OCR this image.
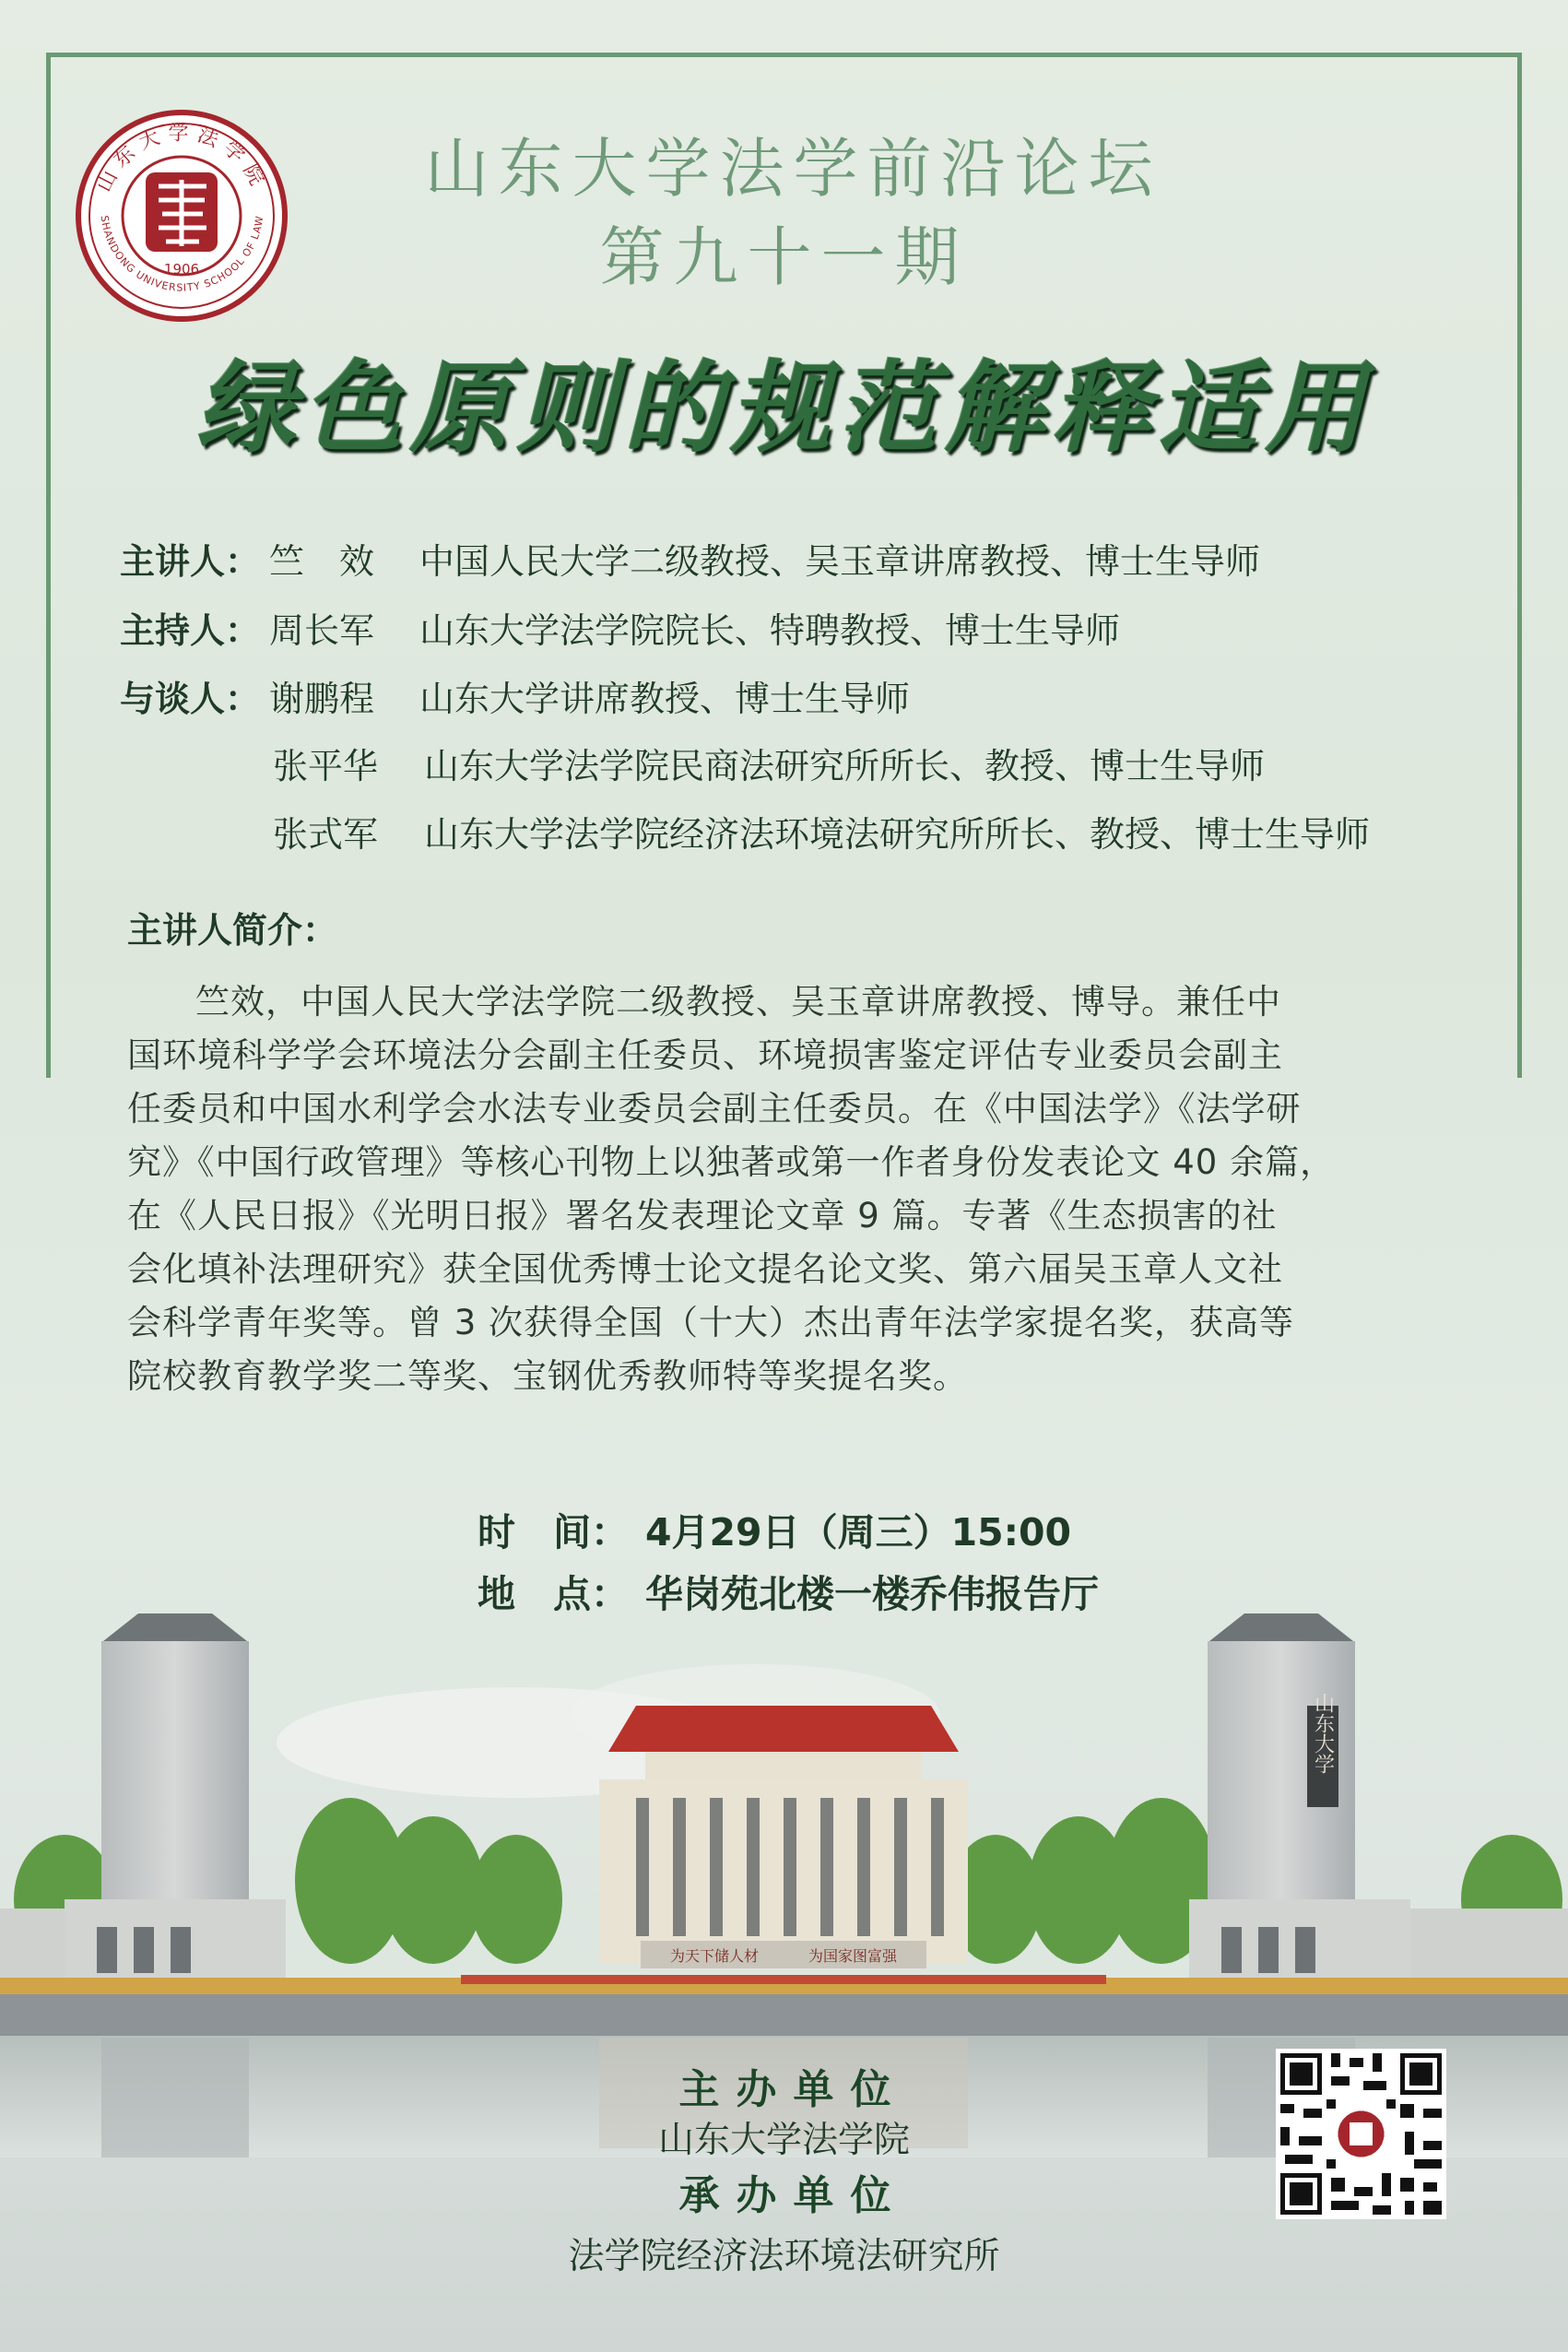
山东大学法学院
SHANDONG UNIVERSITY SCHOOL OF LAW
1906
山东大学法学前沿论坛
第九十一期
绿色原则的规范解释适用
主讲人： 竺　效 中国人民大学二级教授、吴玉章讲席教授、博士生导师
主持人： 周长军 山东大学法学院院长、特聘教授、博士生导师
与谈人： 谢鹏程 山东大学讲席教授、博士生导师
张平华 山东大学法学院民商法研究所所长、教授、博士生导师
张式军 山东大学法学院经济法环境法研究所所长、教授、博士生导师
主讲人简介：
竺效，中国人民大学法学院二级教授、吴玉章讲席教授、博导。兼任中
国环境科学学会环境法分会副主任委员、环境损害鉴定评估专业委员会副主
任委员和中国水利学会水法专业委员会副主任委员。在《中国法学》《法学研
究》《中国行政管理》等核心刊物上以独著或第一作者身份发表论文 40 余篇，
在《人民日报》《光明日报》署名发表理论文章 9 篇。专著《生态损害的社
会化填补法理研究》获全国优秀博士论文提名论文奖、第六届吴玉章人文社
会科学青年奖等。曾 3 次获得全国（十大）杰出青年法学家提名奖，获高等
院校教育教学奖二等奖、宝钢优秀教师特等奖提名奖。
山东大学
为天下储人材	为国家图富强
时　间： 4月29日（周三）15:00
地　点： 华岗苑北楼一楼乔伟报告厅
主办单位
山东大学法学院
承办单位
法学院经济法环境法研究所
